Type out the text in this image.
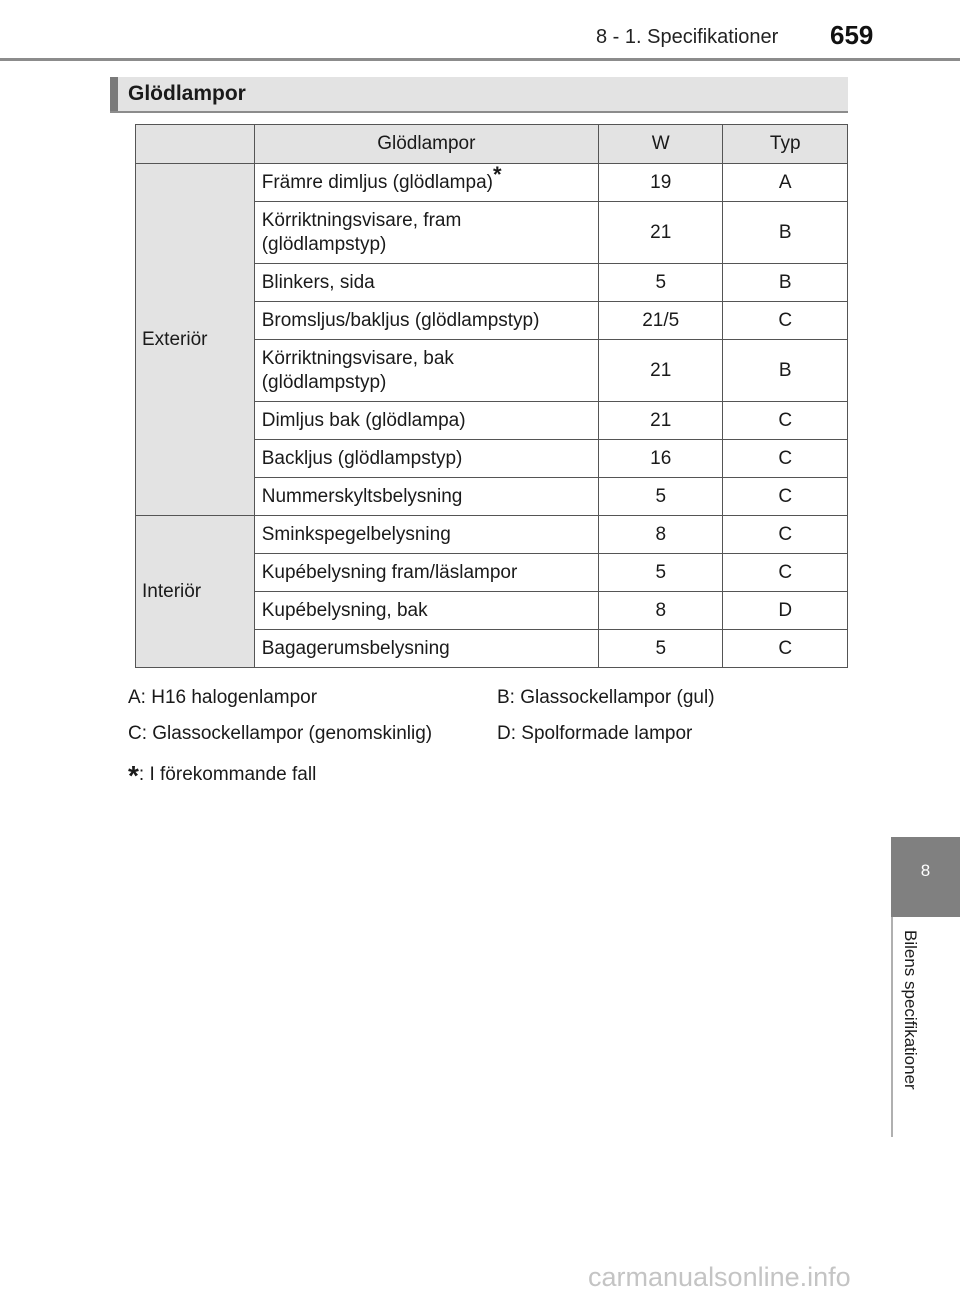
8 - 1. Specifikationer 659
Glödlampor
	Glödlampor	W	Typ
Exteriör	Främre dimljus (glödlampa)*	19	A
	Körriktningsvisare, fram
(glödlampstyp)	21	B
	Blinkers, sida	5	B
	Bromsljus/bakljus (glödlampstyp)	21/5	C
	Körriktningsvisare, bak
(glödlampstyp)	21	B
	Dimljus bak (glödlampa)	21	C
	Backljus (glödlampstyp)	16	C
	Nummerskyltsbelysning	5	C
Interiör	Sminkspegelbelysning	8	C
	Kupébelysning fram/läslampor	5	C
	Kupébelysning, bak	8	D
	Bagagerumsbelysning	5	C
A: H16 halogenlampor	B: Glassockellampor (gul)
C: Glassockellampor (genomskinlig)	D: Spolformade lampor
*: I förekommande fall
8
Bilens specifikationer
carmanualsonline.info
